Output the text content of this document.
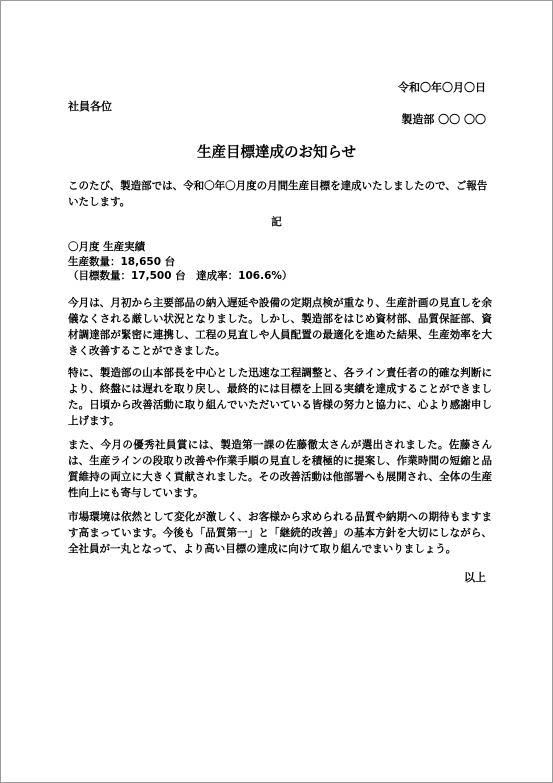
令和〇年〇月〇日

社員各位

製造部 〇〇 〇〇

生産目標達成のお知らせ

このたび、製造部では、令和〇年〇月度の月間生産目標を達成いたしましたので、ご報告いたします。

記

〇月度 生産実績
生産数量：18,650 台
（目標数量：17,500 台　達成率：106.6%）

今月は、月初から主要部品の納入遅延や設備の定期点検が重なり、生産計画の見直しを余儀なくされる厳しい状況となりました。しかし、製造部をはじめ資材部、品質保証部、資材調達部が緊密に連携し、工程の見直しや人員配置の最適化を進めた結果、生産効率を大きく改善することができました。

特に、製造部の山本部長を中心とした迅速な工程調整と、各ライン責任者の的確な判断により、終盤には遅れを取り戻し、最終的には目標を上回る実績を達成することができました。日頃から改善活動に取り組んでいただいている皆様の努力と協力に、心より感謝申し上げます。

また、今月の優秀社員賞には、製造第一課の佐藤徹太さんが選出されました。佐藤さんは、生産ラインの段取り改善や作業手順の見直しを積極的に提案し、作業時間の短縮と品質維持の両立に大きく貢献されました。その改善活動は他部署へも展開され、全体の生産性向上にも寄与しています。

市場環境は依然として変化が激しく、お客様から求められる品質や納期への期待もますます高まっています。今後も「品質第一」と「継続的改善」の基本方針を大切にしながら、全社員が一丸となって、より高い目標の達成に向けて取り組んでまいりましょう。

以上
